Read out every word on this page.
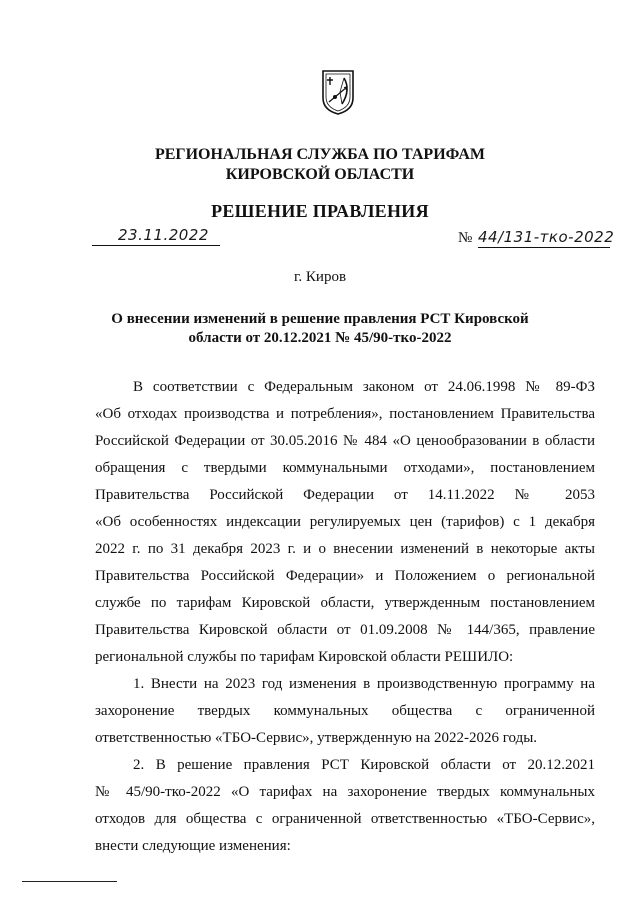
РЕГИОНАЛЬНАЯ СЛУЖБА ПО ТАРИФАМ
КИРОВСКОЙ ОБЛАСТИ
РЕШЕНИЕ ПРАВЛЕНИЯ
23.11.2022	№ 44/131-тко-2022
г. Киров
О внесении изменений в решение правления РСТ Кировской
области от 20.12.2021 № 45/90-тко-2022
В соответствии с Федеральным законом от 24.06.1998 № 89-ФЗ
«Об отходах производства и потребления», постановлением Правительства
Российской Федерации от 30.05.2016 № 484 «О ценообразовании в области
обращения с твердыми коммунальными отходами», постановлением
Правительства Российской Федерации от 14.11.2022 № 2053
«Об особенностях индексации регулируемых цен (тарифов) с 1 декабря
2022 г. по 31 декабря 2023 г. и о внесении изменений в некоторые акты
Правительства Российской Федерации» и Положением о региональной
службе по тарифам Кировской области, утвержденным постановлением
Правительства Кировской области от 01.09.2008 № 144/365, правление
региональной службы по тарифам Кировской области РЕШИЛО:
1. Внести на 2023 год изменения в производственную программу на
захоронение твердых коммунальных общества с ограниченной
ответственностью «ТБО-Сервис», утвержденную на 2022-2026 годы.
2. В решение правления РСТ Кировской области от 20.12.2021
№ 45/90-тко-2022 «О тарифах на захоронение твердых коммунальных
отходов для общества с ограниченной ответственностью «ТБО-Сервис»,
внести следующие изменения:
